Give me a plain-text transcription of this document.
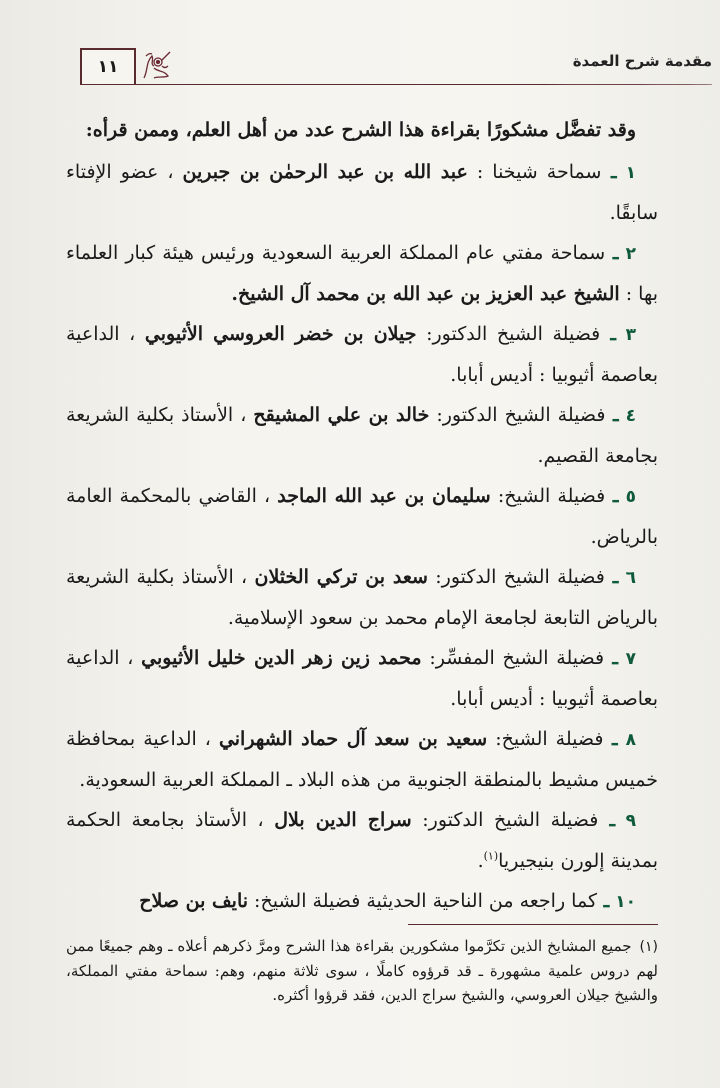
مقدمة شرح العمدة
١١

وقد تفضَّل مشكورًا بقراءة هذا الشرح عدد من أهل العلم، وممن قرأه:

١ ـ سماحة شيخنا : عبد الله بن عبد الرحمٰن بن جبرين ، عضو الإفتاء سابقًا.

٢ ـ سماحة مفتي عام المملكة العربية السعودية ورئيس هيئة كبار العلماء بها : الشيخ عبد العزيز بن عبد الله بن محمد آل الشيخ.

٣ ـ فضيلة الشيخ الدكتور: جيلان بن خضر العروسي الأثيوبي ، الداعية بعاصمة أثيوبيا : أديس أبابا.

٤ ـ فضيلة الشيخ الدكتور: خالد بن علي المشيقح ، الأستاذ بكلية الشريعة بجامعة القصيم.

٥ ـ فضيلة الشيخ: سليمان بن عبد الله الماجد ، القاضي بالمحكمة العامة بالرياض.

٦ ـ فضيلة الشيخ الدكتور: سعد بن تركي الخثلان ، الأستاذ بكلية الشريعة بالرياض التابعة لجامعة الإمام محمد بن سعود الإسلامية.

٧ ـ فضيلة الشيخ المفسِّر: محمد زين زهر الدين خليل الأثيوبي ، الداعية بعاصمة أثيوبيا : أديس أبابا.

٨ ـ فضيلة الشيخ: سعيد بن سعد آل حماد الشهراني ، الداعية بمحافظة خميس مشيط بالمنطقة الجنوبية من هذه البلاد ـ المملكة العربية السعودية.

٩ ـ فضيلة الشيخ الدكتور: سراج الدين بلال ، الأستاذ بجامعة الحكمة بمدينة إلورن بنيجيريا$^{(١)}$.

١٠ ـ كما راجعه من الناحية الحديثية فضيلة الشيخ: نايف بن صلاح

(١)جميع المشايخ الذين تكرَّموا مشكورين بقراءة هذا الشرح ومرَّ ذكرهم أعلاه ـ وهم جميعًا ممن لهم دروس علمية مشهورة ـ قد قرؤوه كاملًا ، سوى ثلاثة منهم، وهم: سماحة مفتي المملكة، والشيخ جيلان العروسي، والشيخ سراج الدين، فقد قرؤوا أكثره.
